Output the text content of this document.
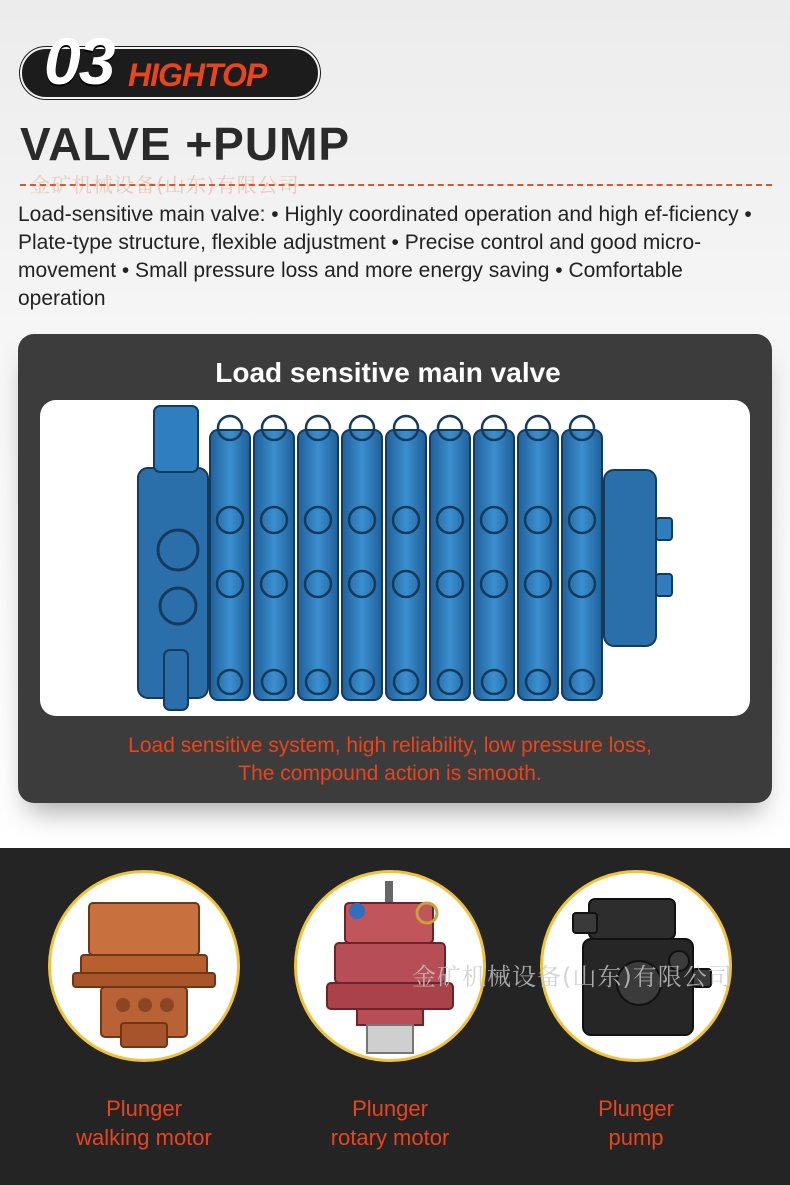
03 HIGHTOP
VALVE +PUMP
金矿机械设备(山东)有限公司
Load-sensitive main valve: • Highly coordinated operation and high ef-ficiency • Plate-type structure, flexible adjustment • Precise control and good micro-movement • Small pressure loss and more energy saving • Comfortable operation
Load sensitive main valve
Load sensitive system, high reliability, low pressure loss,
The compound action is smooth.
金矿机械设备(山东)有限公司
Plunger
walking motor
Plunger
rotary motor
Plunger
pump
